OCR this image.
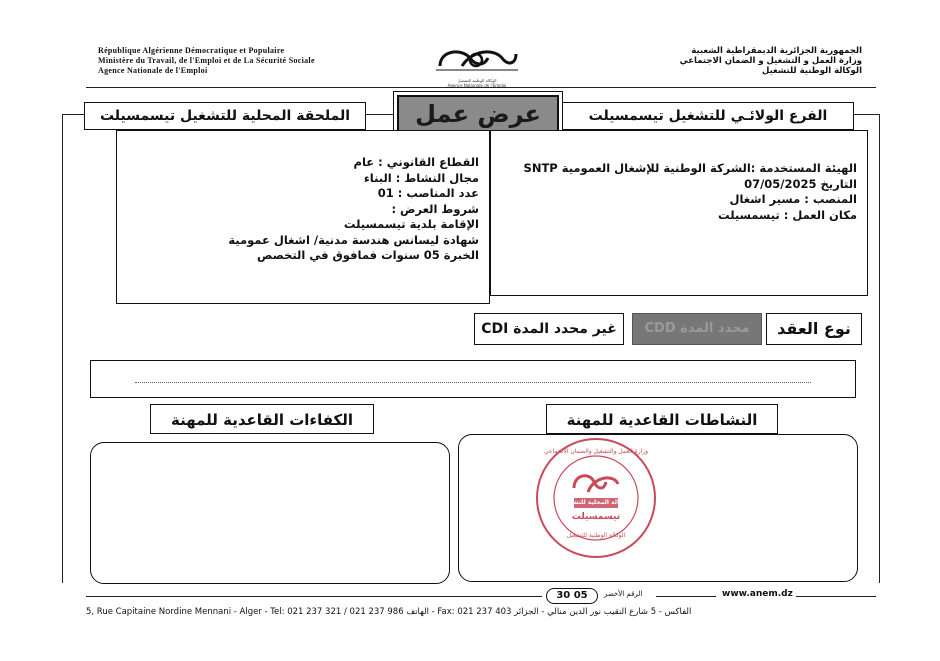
République Algérienne Démocratique et Populaire
Ministère du Travail, de l'Emploi et de La Sécurité Sociale
Agence Nationale de l'Emploi
الوكالة الوطنية للتشغيل
Agence Nationale de l'Emploi
الجمهورية الجزائرية الديمقراطية الشعبية
وزارة العمل و التشغيل و الضمان الاجتماعي
الوكالة الوطنية للتشغيل
الملحقة المحلية للتشغيل تيسمسيلت	عرض عمل	الفرع الولائـي للتشغيل تيسمسيلت
القطاع القانوني : عام
مجال النشاط : البناء
عدد المناصب : 01
شروط العرض :
الإقامة بلدية تيسمسيلت
شهادة ليسانس هندسة مدنية/ اشغال عمومية
الخبرة 05 سنوات فمافوق في التخصص
الهيئة المستخدمة :الشركة الوطنية للإشغال العمومية SNTP
التاريخ 07/05/2025
المنصب : مسير اشغال
مكان العمل : تيسمسيلت
غير محدد المدة CDI	محدد المدة CDD	نوع العقد
الكفاءات القاعدية للمهنة	النشاطات القاعدية للمهنة
وزارة العمل والتشغيل والضمان الاجتماعي
الوكالة المحلية للتشغيل
تيسمسيلت
الوكالة الوطنية للتشغيل
30 05	الرقم الأخضر	www.anem.dz
5, Rue Capitaine Nordine Mennani - Alger - Tel: 021 237 321 / 021 237 986 الهاتف - Fax: 021 237 403 الفاكس - 5 شارع النقيب نور الدين منالي - الجزائر
